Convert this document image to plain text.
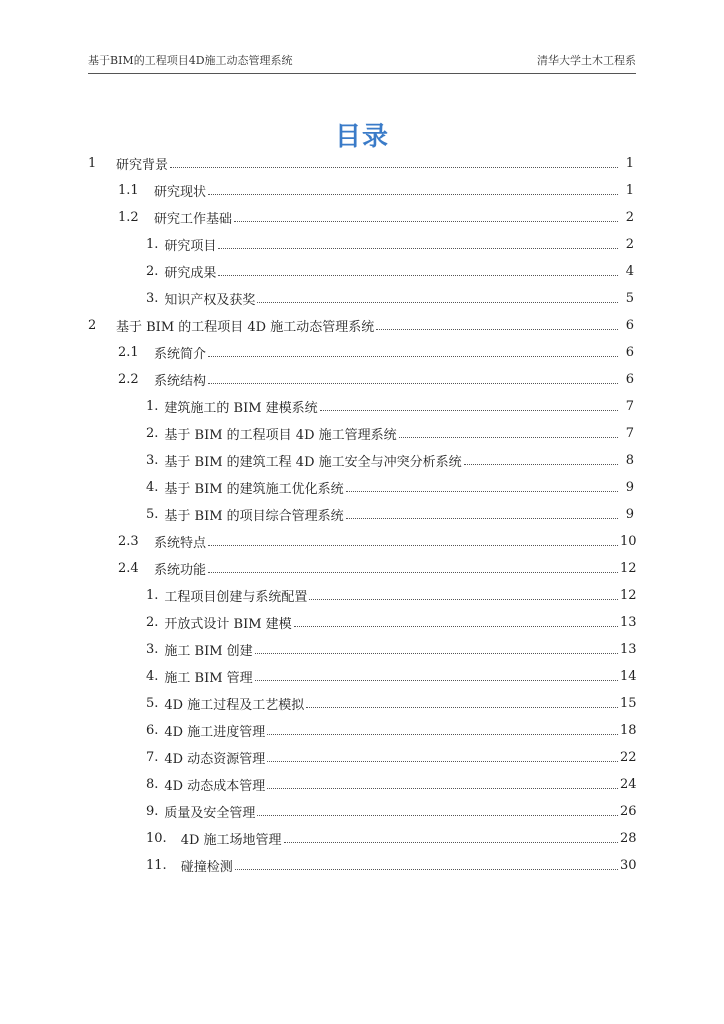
基于BIM的工程项目4D施工动态管理系统	清华大学土木工程系
目录
1	研究背景	1
1.1	研究现状	1
1.2	研究工作基础	2
1. 研究项目	2
2. 研究成果	4
3. 知识产权及获奖	5
2	基于 BIM 的工程项目 4D 施工动态管理系统	6
2.1	系统简介	6
2.2	系统结构	6
1. 建筑施工的 BIM 建模系统	7
2. 基于 BIM 的工程项目 4D 施工管理系统	7
3. 基于 BIM 的建筑工程 4D 施工安全与冲突分析系统	8
4. 基于 BIM 的建筑施工优化系统	9
5. 基于 BIM 的项目综合管理系统	9
2.3	系统特点	10
2.4	系统功能	12
1. 工程项目创建与系统配置	12
2. 开放式设计 BIM 建模	13
3. 施工 BIM 创建	13
4. 施工 BIM 管理	14
5. 4D 施工过程及工艺模拟	15
6. 4D 施工进度管理	18
7. 4D 动态资源管理	22
8. 4D 动态成本管理	24
9. 质量及安全管理	26
10. 4D 施工场地管理	28
11. 碰撞检测	30
